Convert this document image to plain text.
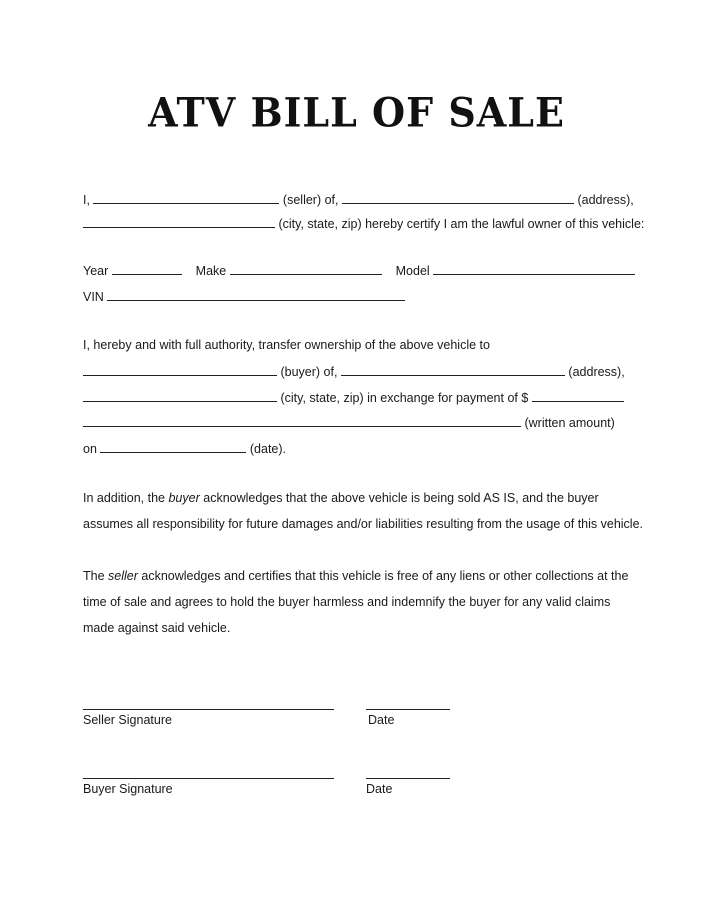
ATV BILL OF SALE
I,	(seller) of,	(address),
(city, state, zip) hereby certify I am the lawful owner of this vehicle:
Year	Make	Model
VIN
I, hereby and with full authority, transfer ownership of the above vehicle to
(buyer) of,	(address),
(city, state, zip) in exchange for payment of $
(written amount)
on	(date).
In addition, the buyer acknowledges that the above vehicle is being sold AS IS, and the buyer assumes all responsibility for future damages and/or liabilities resulting from the usage of this vehicle.
The seller acknowledges and certifies that this vehicle is free of any liens or other collections at the time of sale and agrees to hold the buyer harmless and indemnify the buyer for any valid claims made against said vehicle.
Seller Signature	Date
Buyer Signature	Date
